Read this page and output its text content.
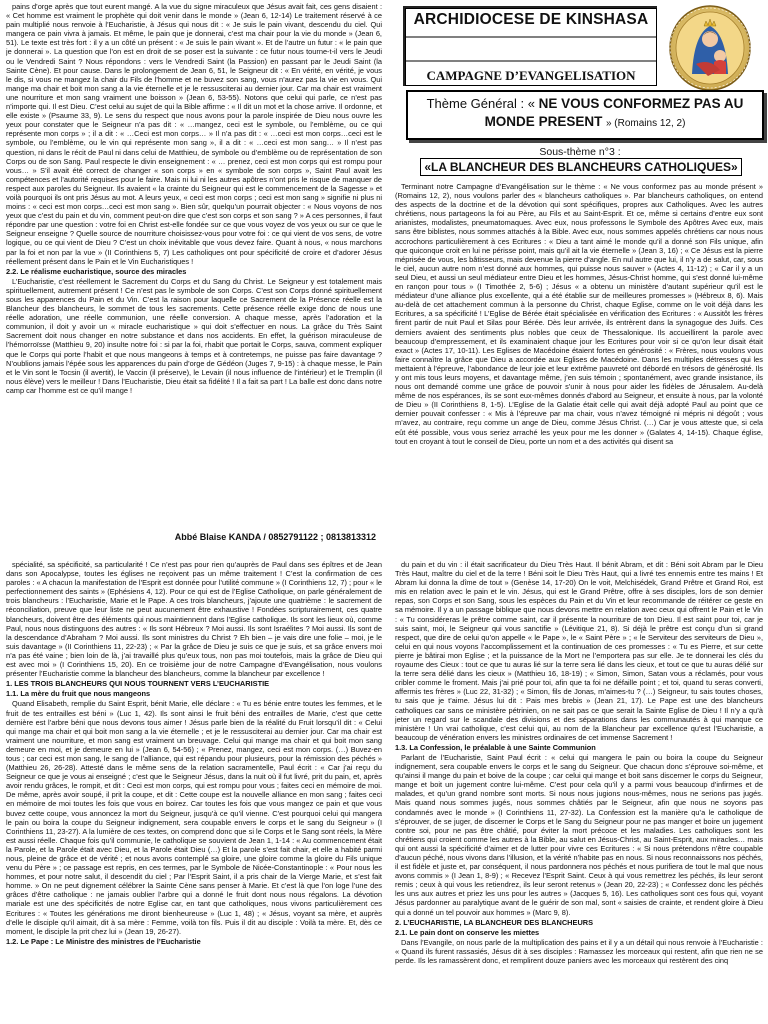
ARCHIDIOCESE DE KINSHASA
CAMPAGNE D’EVANGELISATION
Thème Général : « NE VOUS CONFORMEZ PAS AU
MONDE PRESENT » (Romains 12, 2)
Sous-thème n°3 :
«LA BLANCHEUR DES BLANCHEURS CATHOLIQUES»

pains d’orge après que tout eurent mangé. A la vue du signe miraculeux que Jésus avait fait, ces gens disaient : « Cet homme est vraiment le prophète qui doit venir dans le monde » (Jean 6, 12-14) Le traitement réservé à ce pain multiplié nous renvoie à l’Eucharistie, à Jésus qui nous dit : « Je suis le pain vivant, descendu du ciel. Qui mangera ce pain vivra à jamais. Et même, le pain que je donnerai, c’est ma chair pour la vie du monde » (Jean 6, 51). Le texte est très fort : il y a un côté un présent : « Je suis le pain vivant ». Et de l’autre un futur : « le pain que je donnerai ». La question que l’on est en droit de se poser est la suivante : ce futur nous tourne-t-il vers le Jeudi ou le Vendredi Saint ? Nous répondons : vers le Vendredi Saint (la Passion) en passant par le Jeudi Saint (la Sainte Cène). Et pour cause. Dans le prolongement de Jean 6, 51, le Seigneur dit : « En vérité, en vérité, je vous le dis, si vous ne mangez la chair du Fils de l’homme et ne buvez son sang, vous n’aurez pas la vie en vous. Qui mange ma chair et boit mon sang a la vie éternelle et je le ressusciterai au dernier jour. Car ma chair est vraiment une nourriture et mon sang vraiment une boisson » (Jean 6, 53-55). Notons que celui qui parle, ce n’est pas n’importe qui. Il est Dieu. C’est celui au sujet de qui la Bible affirme : « Il dit un mot et la chose arrive. Il ordonne, et elle existe » (Psaume 33, 9). Le sens du respect que nous avons pour la parole inspirée de Dieu nous ouvre les yeux pour constater que le Seigneur n’a pas dit : « …mangez, ceci est le symbole, ou l’emblème, ou ce qui représente mon corps » ; il a dit : « …Ceci est mon corps… » Il n’a pas dit : « …ceci est mon corps…ceci est le symbole, ou l’emblème, ou le vin qui représente mon sang », il a dit : « …ceci est mon sang… » Il n’est pas question, ni dans le récit de Paul ni dans celui de Matthieu, de symbole ou d’emblème ou de représentation de son Corps ou de son Sang. Paul respecte le divin enseignement : « … prenez, ceci est mon corps qui est rompu pour vous… » S’il avait été correct de changer « son corps » en « symbole de son corps », Saint Paul avait les compétences et l’autorité requises pour le faire. Mais ni lui ni les autres apôtres n’ont pris le risque de manquer de respect aux paroles du Seigneur. Ils avaient « la crainte du Seigneur qui est le commencement de la Sagesse » et voilà pourquoi ils ont pris Jésus au mot. A leurs yeux, « ceci est mon corps ; ceci est mon sang » signifie ni plus ni moins : « ceci est mon corps…ceci est mon sang ». Bien sûr, quelqu’un pourrait objecter : « Nous voyons de nos yeux que c’est du pain et du vin, comment peut-on dire que c’est son corps et son sang ? » A ces personnes, il faut répondre par une question : votre foi en Christ est-elle fondée sur ce que vous voyez de vos yeux ou sur ce que le Seigneur enseigne ? Quelle source de nourriture choisissez-vous pour votre foi : ce qui vient de vos sens, de votre logique, ou ce qui vient de Dieu ? C’est un choix inévitable que vous devez faire. Quant à nous, « nous marchons par la foi et non par la vue » (II Corinthiens 5, 7) Les catholiques ont pour spécificité de croire et d’adorer Jésus réellement présent dans le Pain et le Vin Eucharistiques !

2.2. Le réalisme eucharistique, source des miracles

L’Eucharistie, c’est réellement le Sacrement du Corps et du Sang du Christ. Le Seigneur y est totalement mais spirituellement, autrement présent ! Ce n’est pas le symbole de son Corps. C’est son Corps donné spirituellement sous les apparences du Pain et du Vin. C’est la raison pour laquelle ce Sacrement de la Présence réelle est la Blancheur des blancheurs, le sommet de tous les sacrements. Cette présence réelle exige donc de nous une réelle adoration, une réelle communion, une réelle conversion. A chaque messe, après l’adoration et la communion, il doit y avoir un « miracle eucharistique » qui doit s’effectuer en nous. La grâce du Très Saint Sacrement doit nous changer en notre substance et dans nos accidents. En effet, la guérison miraculeuse de l’hémorroïsse (Matthieu 9, 20) insulte notre foi : si par la foi, rhabit que portait le Corps, sauva, comment expliquer que le Corps qui porte l’habit et que nous mangeons à temps et à contretemps, ne puisse pas faire davantage ? N’oublions jamais l’épée sous les apparences du pain d’orge de Gédéon (Juges 7, 9-15) : à chaque messe, le Pain et le Vin sont le Tocsin (il avertit), le Vaccin (il préserve), le Levain (il nous influence de l’intérieur) et le Tremplin (il nous élève) vers le meilleur ! Dans l’Eucharistie, Dieu était sa fidélité ! Il a fait sa part ! La balle est donc dans notre camp car l’homme est ce qu’il mange !

Abbé Blaise KANDA / 0852791122 ; 0813813312

Terminant notre Campagne d’Evangélisation sur le thème : « Ne vous conformez pas au monde présent » (Romains 12, 2), nous voulons parler des « blancheurs catholiques ». Par blancheurs catholiques, on entend des aspects de la doctrine et de la dévotion qui sont spécifiques, propres aux Catholiques. Avec les autres chrétiens, nous partageons la foi au Père, au Fils et au Saint-Esprit. Et ce, même si certains d’entre eux sont arianistes, modalistes, pneumatomaques. Avec eux, nous professons le Symbole des Apôtres Avec eux, mais sans être biblistes, nous sommes attachés à la Bible. Avec eux, nous sommes appelés chrétiens car nous nous accrochons particulièrement à ces Ecritures : « Dieu a tant aimé le monde qu’il a donné son Fils unique, afin que quiconque croit en lui ne périsse point, mais qu’il ait la vie éternelle » (Jean 3, 16) ; « Ce Jésus est la pierre méprisée de vous, les bâtisseurs, mais devenue la pierre d’angle. En nul autre que lui, il n’y a de salut, car, sous le ciel, aucun autre nom n’est donné aux hommes, qui puisse nous sauver » (Actes 4, 11-12) ; « Car il y a un seul Dieu, et aussi un seul médiateur entre Dieu et les hommes, Jésus-Christ homme, qui s’est donné lui-même en rançon pour tous » (I Timothée 2, 5-6) ; Jésus « a obtenu un ministère d’autant supérieur qu’il est le médiateur d’une alliance plus excellente, qui a été établie sur de meilleures promesses » (Hébreux 8, 6). Mais au-delà de cet attachement commun à la personne du Christ, chaque Eglise, comme on le voit déjà dans les Ecritures, a sa spécificité ! L’Eglise de Bérée était spécialisée en vérification des Ecritures : « Aussitôt les frères firent partir de nuit Paul et Silas pour Bérée. Dès leur arrivée, ils entrèrent dans la synagogue des Juifs. Ces derniers avaient des sentiments plus nobles que ceux de Thessalonique. Ils accueillirent la parole avec beaucoup d’empressement, et ils examinaient chaque jour les Ecritures pour voir si ce qu’on leur disait était exact » (Actes 17, 10-11). Les Eglises de Macédoine étaient fortes en générosité : « Frères, nous voulons vous faire connaître la grâce que Dieu a accordée aux Eglises de Macédoine. Dans les multiples détresses qui les mettaient à l’épreuve, l’abondance de leur joie et leur extrême pauvreté ont débordé en trésors de générosité. Ils y ont mis tous leurs moyens, et davantage même, j’en suis témoin ; spontanément, avec grande insistance, ils nous ont demandé comme une grâce de pouvoir s’unir à nous pour aider les fidèles de Jérusalem. Au-delà même de nos espérances, ils se sont eux-mêmes donnés d’abord au Seigneur, et ensuite à nous, par la volonté de Dieu » (II Corinthiens 8, 1-5). L’Eglise de la Galatie était celle qui avait déjà adopté Paul au point que ce dernier pouvait confesser : « Mis à l’épreuve par ma chair, vous n’avez témoigné ni mépris ni dégoût ; vous m’avez, au contraire, reçu comme un ange de Dieu, comme Jésus Christ. (…) Car je vous atteste que, si cela eût été possible, vous vous seriez arraché les yeux pour me les donner » (Galates 4, 14-15). Chaque église, tout en croyant à tout le conseil de Dieu, porte un nom et a des activités qui disent sa

spécialité, sa spécificité, sa particularité ! Ce n’est pas pour rien qu’auprès de Paul dans ses épîtres et de Jean dans son Apocalypse, toutes les églises ne reçoivent pas un même traitement ! C’est la confirmation de ces paroles : « A chacun la manifestation de l’Esprit est donnée pour l’utilité commune » (I Corinthiens 12, 7) ; pour « le perfectionnement des saints » (Ephésiens 4, 12). Pour ce qui est de l’Eglise Catholique, on parle généralement de trois blancheurs : l’Eucharistie, Marie et le Pape. A ces trois blancheurs, j’ajoute une quatrième : le sacrement de réconciliation, preuve que leur liste ne peut aucunement être exhaustive ! Fondées scripturairement, ces quatre blancheurs, doivent être des éléments qui nous maintiennent dans l’Eglise catholique. Ils sont les lieux où, comme Paul, nous nous distinguons des autres : « Ils sont Hébreux ? Moi aussi. Ils sont Israélites ? Moi aussi. Ils sont de la descendance d’Abraham ? Moi aussi. Ils sont ministres du Christ ? Eh bien – je vais dire une folie – moi, je le suis davantage » (II Corinthiens 11, 22-23) ; « Par la grâce de Dieu je suis ce que je suis, et sa grâce envers moi n’a pas été vaine ; bien loin de là, j’ai travaillé plus qu’eux tous, non pas moi toutefois, mais la grâce de Dieu qui est avec moi » (I Corinthiens 15, 20). En ce troisième jour de notre Campagne d’Evangélisation, nous voulons présenter l’Eucharistie comme la blancheur des blancheurs, comme la blancheur par excellence !

1. LES TROIS BLANCHEURS QUI NOUS TOURNENT VERS L’EUCHARISTIE

1.1. La mère du fruit que nous mangeons

Quand Elisabeth, remplie du Saint Esprit, bénit Marie, elle déclare : « Tu es bénie entre toutes les femmes, et le fruit de tes entrailles est béni » (Luc 1, 42). Ils sont ainsi le fruit béni des entrailles de Marie, c’est que cette dernière est l’arbre béni que nous devons tous aimer ! Jésus parle bien de la réalité du Fruit lorsqu’il dit : « Celui qui mange ma chair et qui boit mon sang a la vie éternelle ; et je le ressusciterai au dernier jour. Car ma chair est vraiment une nourriture, et mon sang est vraiment un breuvage. Celui qui mange ma chair et qui boit mon sang demeure en moi, et je demeure en lui » (Jean 6, 54-56) ; « Prenez, mangez, ceci est mon corps. (…) Buvez-en tous ; car ceci est mon sang, le sang de l’alliance, qui est répandu pour plusieurs, pour la rémission des péchés » (Matthieu 26, 26-28). Attesté dans le même sens de la relation sacramentelle, Paul écrit : « Car j’ai reçu du Seigneur ce que je vous ai enseigné ; c’est que le Seigneur Jésus, dans la nuit où il fut livré, prit du pain, et, après avoir rendu grâces, le rompit, et dit : Ceci est mon corps, qui est rompu pour vous ; faites ceci en mémoire de moi. De même, après avoir soupé, il prit la coupe, et dit : Cette coupe est la nouvelle alliance en mon sang ; faites ceci en mémoire de moi toutes les fois que vous en boirez. Car toutes les fois que vous mangez ce pain et que vous buvez cette coupe, vous annoncez la mort du Seigneur, jusqu’à ce qu’il vienne. C’est pourquoi celui qui mangera le pain ou boira la coupe du Seigneur indignement, sera coupable envers le corps et le sang du Seigneur » (I Corinthiens 11, 23-27). A la lumière de ces textes, on comprend donc que si le Corps et le Sang sont réels, la Mère est aussi réelle. Chaque fois qu’il communie, le catholique se souvient de Jean 1, 1-14 : « Au commencement était la Parole, et la Parole était avec Dieu, et la Parole était Dieu (…) Et la parole s’est fait chair, et elle a habité parmi nous, pleine de grâce et de vérité ; et nous avons contemplé sa gloire, une gloire comme la gloire du Fils unique venu du Père » ; ce passage est repris, en ces termes, par le Symbole de Nicée-Constantinople : « Pour nous les hommes, et pour notre salut, il descendit du ciel ; Par l’Esprit Saint, il a pris chair de la Vierge Marie, et s’est fait homme. » On ne peut dignement célébrer la Sainte Cène sans penser à Marie. Et c’est là que l’on loge l’une des grâces d’être catholique : ne jamais oublier l’arbre qui a donné le fruit dont nous nous régalons. La dévotion mariale est une des spécificités de notre Eglise car, en tant que catholiques, nous vivons particulièrement ces Ecritures : « Toutes les générations me diront bienheureuse » (Luc 1, 48) ; « Jésus, voyant sa mère, et auprès d’elle le disciple qu’il aimait, dit à sa mère : Femme, voilà ton fils. Puis il dit au disciple : Voilà ta mère. Et, dès ce moment, le disciple la prit chez lui » (Jean 19, 26-27).

1.2. Le Pape : Le Ministre des ministres de l’Eucharistie

du pain et du vin : il était sacrificateur du Dieu Très Haut. Il bénit Abram, et dit : Béni soit Abram par le Dieu Très Haut, maître du ciel et de la terre ! Béni soit le Dieu Très Haut, qui a livré tes ennemis entre tes mains ! Et Abram lui donna la dîme de tout » (Genèse 14, 17-20) On le voit, Melchisédek, Grand Prêtre et Grand Roi, est mis en relation avec le pain et le vin. Jésus, qui est le Grand Prêtre, offre à ses disciples, lors de son dernier repas, son Corps et son Sang, sous les espèces du Pain et du Vin et leur recommande de réitérer ce geste en sa mémoire. Il y a un passage biblique que nous devons mettre en relation avec ceux qui offrent le Pain et le Vin : « Tu considéreras le prêtre comme saint, car il présente la nourriture de ton Dieu. Il est saint pour toi, car je suis saint, moi, le Seigneur qui vous sanctifie » (Lévitique 21, 8). Si déjà le prêtre est conçu d’un si grand respect, que dire de celui qu’on appelle « le Pape », le « Saint Père » ; « le Serviteur des serviteurs de Dieu », celui en qui nous voyons l’accomplissement et la continuation de ces promesses : « Tu es Pierre, et sur cette pierre je bâtirai mon Eglise ; et la puissance de la Mort ne l’emportera pas sur elle. Je te donnerai les clés du royaume des Cieux : tout ce que tu auras lié sur la terre sera lié dans les cieux, et tout ce que tu auras délié sur la terre sera délié dans les cieux » (Matthieu 16, 18-19) ; « Simon, Simon, Satan vous a réclamés, pour vous cribler comme le froment. Mais j’ai prié pour toi, afin que ta foi ne défaille point ; et toi, quand tu seras converti, affermis tes frères » (Luc 22, 31-32) ; « Simon, fils de Jonas, m’aimes-tu ? (…) Seigneur, tu sais toutes choses, tu sais que je t’aime. Jésus lui dit : Pais mes brebis » (Jean 21, 17). Le Pape est une des blancheurs catholiques car sans ce ministère pétrinien, on ne sait pas ce que serait la Sainte Eglise de Dieu ! Il n’y a qu’à jeter un regard sur le scandale des divisions et des séparations dans les communautés à qui manque ce ministère ! Un vrai catholique, c’est celui qui, au nom de la Blancheur par excellence qu’est l’Eucharistie, a beaucoup de vénération envers les ministres ordinaires de cet immense Sacrement !

1.3. La Confession, le préalable à une Sainte Communion

Parlant de l’Eucharistie, Saint Paul écrit : « celui qui mangera le pain ou boira la coupe du Seigneur indignement, sera coupable envers le corps et le sang du Seigneur. Que chacun donc s’éprouve soi-même, et qu’ainsi il mange du pain et boive de la coupe ; car celui qui mange et boit sans discerner le corps du Seigneur, mange et boit un jugement contre lui-même. C’est pour cela qu’il y a parmi vous beaucoup d’infirmes et de malades, et qu’un grand nombre sont morts. Si nous nous jugions nous-mêmes, nous ne serions pas jugés. Mais quand nous sommes jugés, nous sommes châtiés par le Seigneur, afin que nous ne soyons pas condamnés avec le monde » (I Corinthiens 11, 27-32). La Confession est la manière qu’a le catholique de s’éprouver, de se juger, de discerner le Corps et le Sang du Seigneur pour ne pas manger et boire un jugement contre soi, pour ne pas être châtié, pour éviter la mort précoce et les maladies. Les catholiques sont les chrétiens qui croient comme les autres à la Bible, au salut en Jésus-Christ, au Saint-Esprit, aux miracles… mais qui ont aussi la spécificité d’aimer et de lutter pour vivre ces Ecritures : « Si nous prétendons n’être coupable d’aucun péché, nous vivons dans l’illusion, et la vérité n’habite pas en nous. Si nous reconnaissons nos péchés, il est fidèle et juste et, par conséquent, il nous pardonnera nos péchés et nous purifiera de tout le mal que nous avons commis » (I Jean 1, 8-9) ; « Recevez l’Esprit Saint. Ceux à qui vous remettrez les péchés, ils leur seront remis ; ceux à qui vous les retiendrez, ils leur seront retenus » (Jean 20, 22-23) ; « Confessez donc les péchés les uns aux autres et priez les uns pour les autres » (Jacques 5, 16). Les catholiques sont ces fous qui, voyant Jésus pardonner au paralytique avant de le guérir de son mal, sont « saisies de crainte, et rendent gloire à Dieu qui a donné un tel pouvoir aux hommes » (Marc 9, 8).

2. L’EUCHARISTIE, LA BLANCHEUR DES BLANCHEURS

2.1. Le pain dont on conserve les miettes

Dans l’Evangile, on nous parle de la multiplication des pains et il y a un détail qui nous renvoie à l’Eucharistie : « Quand ils furent rassasiés, Jésus dit à ses disciples : Ramassez les morceaux qui restent, afin que rien ne se perde. Ils les ramassèrent donc, et remplirent douze paniers avec les morceaux qui restèrent des cinq
